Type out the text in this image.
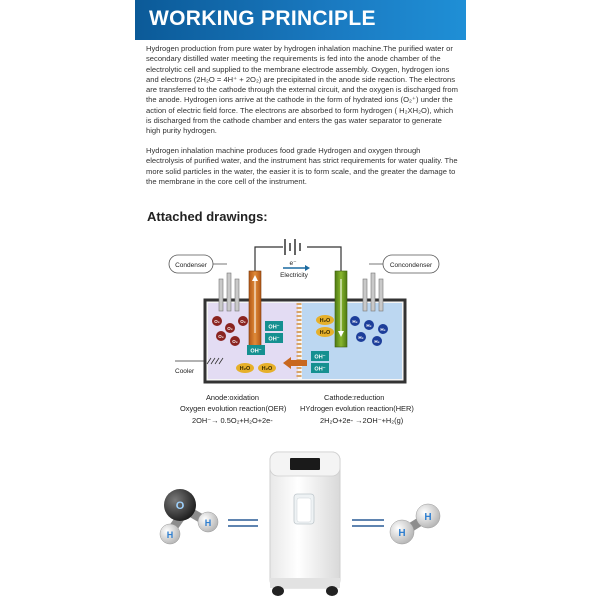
WORKING PRINCIPLE

Hydrogen production from pure water by hydrogen inhalation machine.The purified water or secondary distilled water meeting the requirements is fed into the anode chamber of the electrolytic cell and supplied to the membrane electrode assembly. Oxygen, hydrogen ions and electrons (2H₂O = 4H⁺ + 2O₂) are precipitated in the anode side reaction. The electrons are transferred to the cathode through the external circuit, and the oxygen is discharged from the anode. Hydrogen ions arrive at the cathode in the form of hydrated ions (O₂⁺) under the action of electric field force. The electrons are absorbed to form hydrogen ( H₂XH₂O), which is discharged from the cathode chamber and enters the gas water separator to generate high purity hydrogen.

Hydrogen inhalation machine produces food grade Hydrogen and oxygen through electrolysis of purified water, and the instrument has strict requirements for water quality. The more solid particles in the water, the easier it is to form scale, and the greater the damage to the membrane in the core cell of the instrument.

Attached drawings:

e⁻
Electricity
Condenser	Concondenser
O₂
O₂
O₂
O₂
O₂
H₂
H₂
H₂
H₂
H₂
OH⁻
OH⁻
OH⁻
OH⁻
OH⁻
H₂O
H₂O
H₂O H₂O
Cooler
Anode:oxidation
Oxygen evolution reaction(OER)
2OH⁻→ 0.5O₂+H₂O+2e-
Cathode:reduction
HYdrogen evolution reaction(HER)
2H₂O+2e- →2OH⁻+H₂(g)
O
H
H
H
H
